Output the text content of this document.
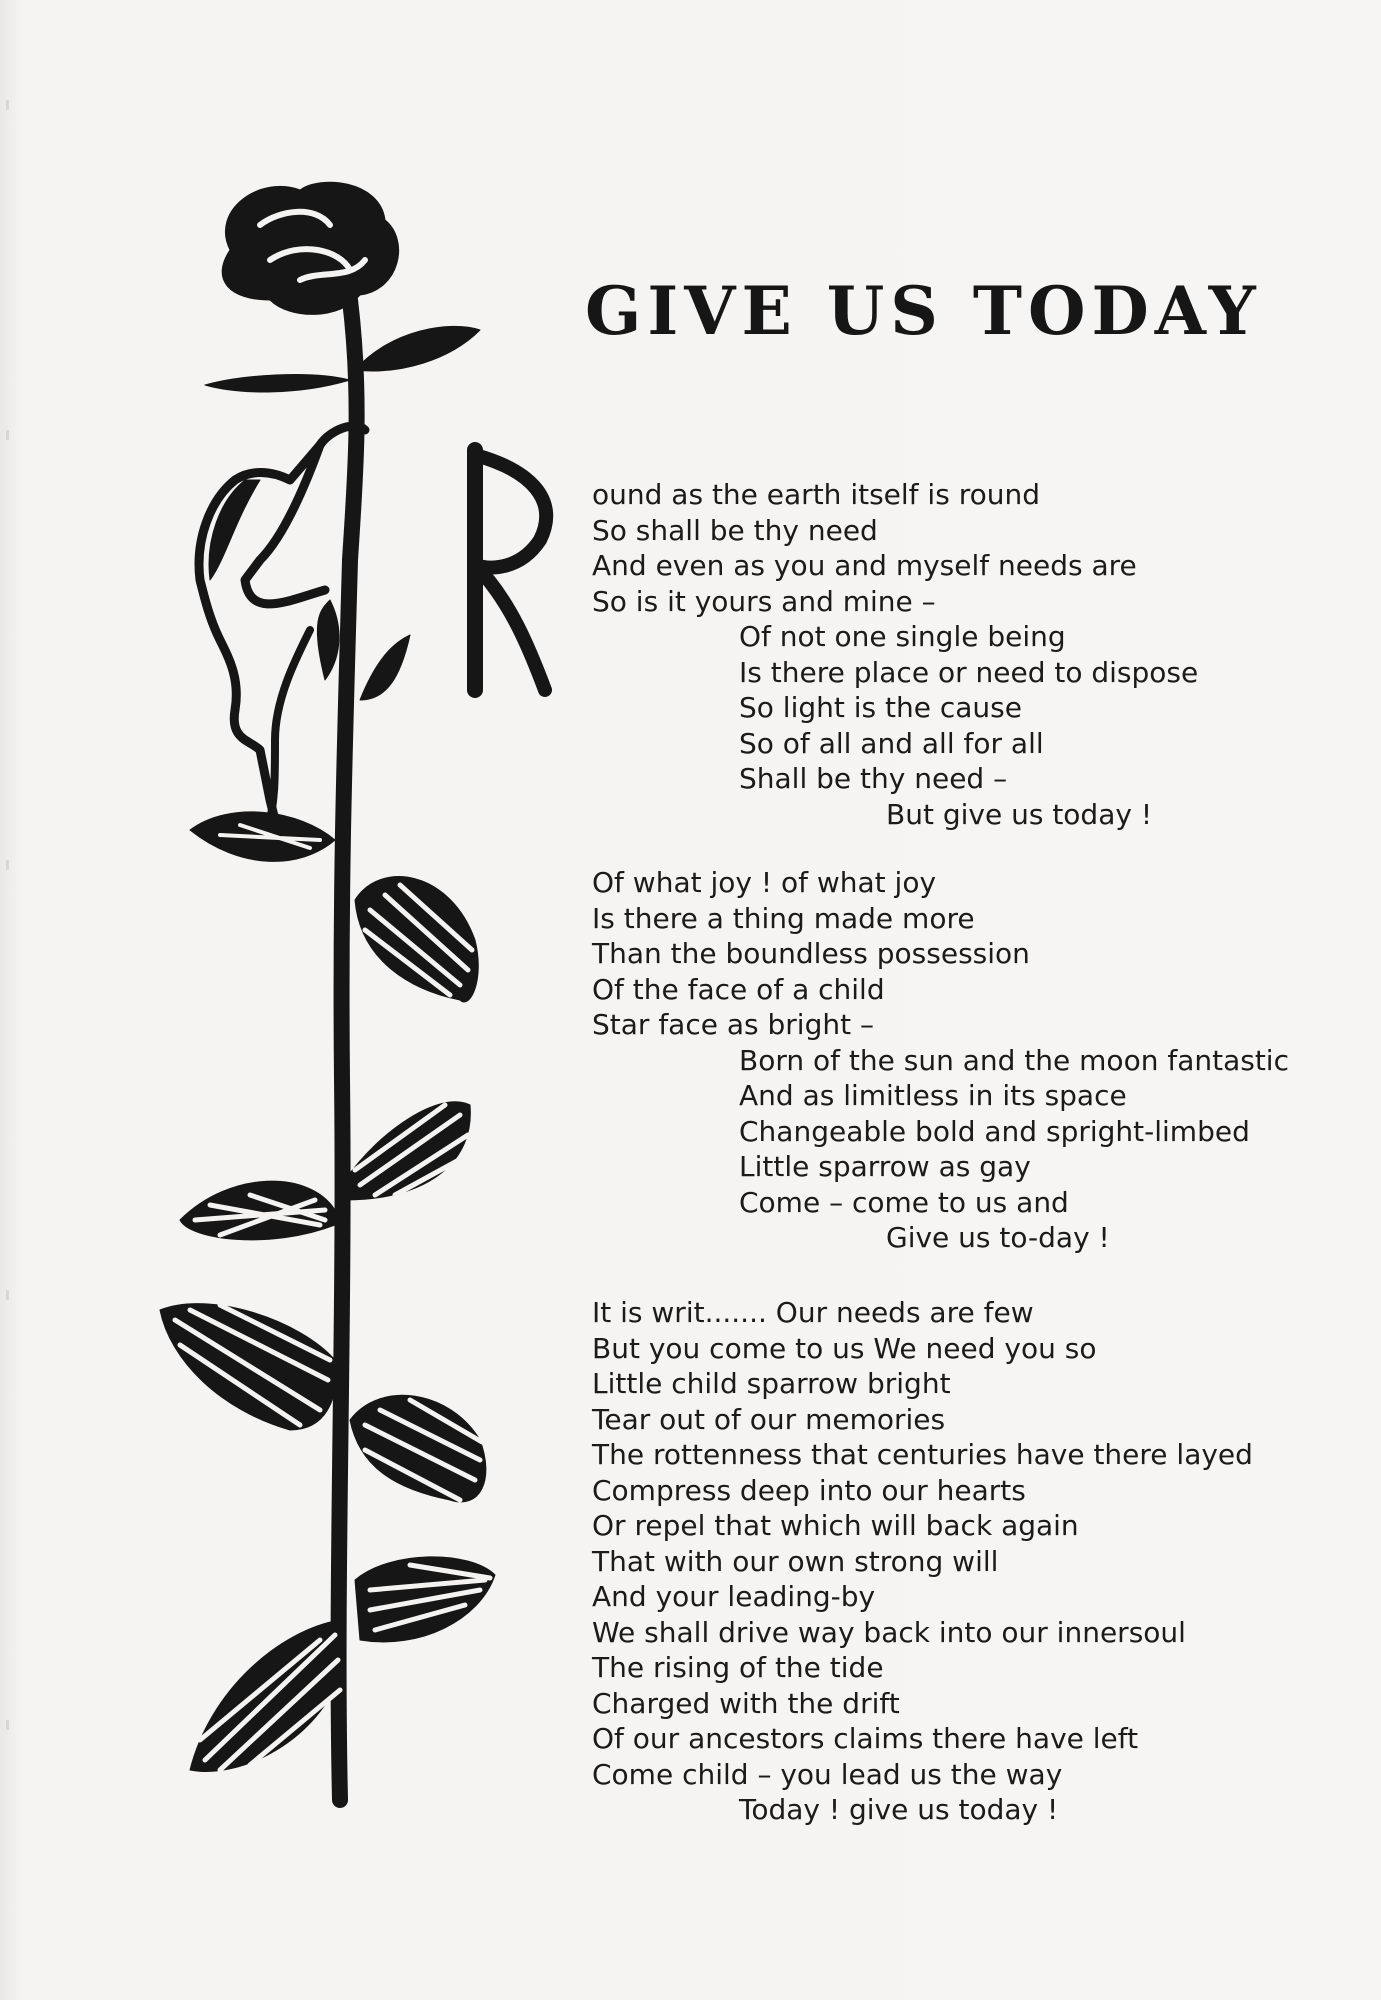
GIVE US TODAY
ound as the earth itself is round
So shall be thy need
And even as you and myself needs are
So is it yours and mine –
Of not one single being
Is there place or need to dispose
So light is the cause
So of all and all for all
Shall be thy need –
But give us today !
Of what joy ! of what joy
Is there a thing made more
Than the boundless possession
Of the face of a child
Star face as bright –
Born of the sun and the moon fantastic
And as limitless in its space
Changeable bold and spright-limbed
Little sparrow as gay
Come – come to us and
Give us to-day !
It is writ....... Our needs are few
But you come to us We need you so
Little child sparrow bright
Tear out of our memories
The rottenness that centuries have there layed
Compress deep into our hearts
Or repel that which will back again
That with our own strong will
And your leading-by
We shall drive way back into our innersoul
The rising of the tide
Charged with the drift
Of our ancestors claims there have left
Come child – you lead us the way
Today ! give us today !
